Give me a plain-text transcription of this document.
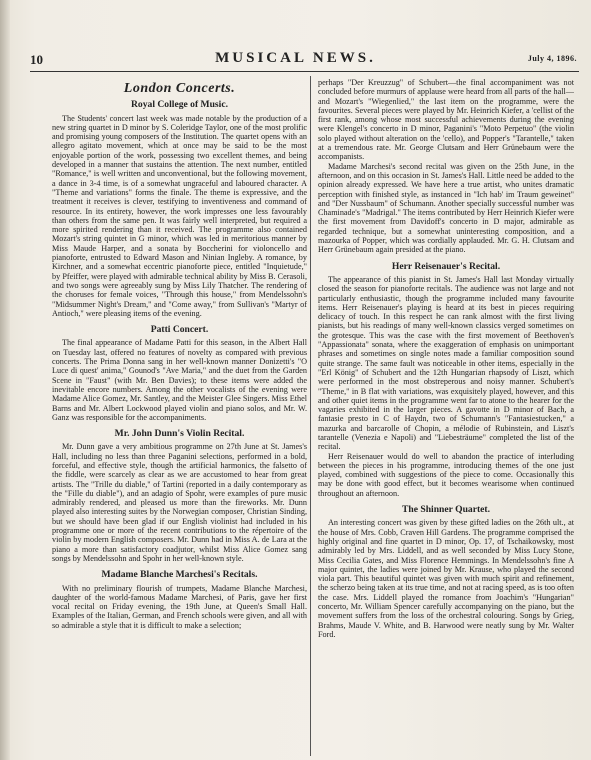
10	MUSICAL NEWS.	July 4, 1896.
London Concerts.
Royal College of Music.

The Students' concert last week was made notable by the production of a new string quartet in D minor by S. Coleridge Taylor, one of the most prolific and promising young composers of the Institution. The quartet opens with an allegro agitato movement, which at once may be said to be the most enjoyable portion of the work, possessing two excellent themes, and being developed in a manner that sustains the attention. The next number, entitled "Romance," is well written and unconventional, but the following movement, a dance in 3-4 time, is of a somewhat ungraceful and laboured character. A "Theme and variations" forms the finale. The theme is expressive, and the treatment it receives is clever, testifying to inventiveness and command of resource. In its entirety, however, the work impresses one less favourably than others from the same pen. It was fairly well interpreted, but required a more spirited rendering than it received. The programme also contained Mozart's string quintet in G minor, which was led in meritorious manner by Miss Maude Harper, and a sonata by Boccherini for violoncello and pianoforte, entrusted to Edward Mason and Ninian Ingleby. A romance, by Kirchner, and a somewhat eccentric pianoforte piece, entitled "Inquietude," by Pfeiffer, were played with admirable technical ability by Miss B. Cerasoli, and two songs were agreeably sung by Miss Lily Thatcher. The rendering of the choruses for female voices, "Through this house," from Mendelssohn's "Midsummer Night's Dream," and "Come away," from Sullivan's "Martyr of Antioch," were pleasing items of the evening.

Patti Concert.

The final appearance of Madame Patti for this season, in the Albert Hall on Tuesday last, offered no features of novelty as compared with previous concerts. The Prima Donna sang in her well-known manner Donizetti's "O Luce di quest' anima," Gounod's "Ave Maria," and the duet from the Garden Scene in "Faust" (with Mr. Ben Davies); to these items were added the inevitable encore numbers. Among the other vocalists of the evening were Madame Alice Gomez, Mr. Santley, and the Meister Glee Singers. Miss Ethel Barns and Mr. Albert Lockwood played violin and piano solos, and Mr. W. Ganz was responsible for the accompaniments.

Mr. John Dunn's Violin Recital.

Mr. Dunn gave a very ambitious programme on 27th June at St. James's Hall, including no less than three Paganini selections, performed in a bold, forceful, and effective style, though the artificial harmonics, the falsetto of the fiddle, were scarcely as clear as we are accustomed to hear from great artists. The "Trille du diable," of Tartini (reported in a daily contemporary as the "Fille du diable"), and an adagio of Spohr, were examples of pure music admirably rendered, and pleased us more than the fireworks. Mr. Dunn played also interesting suites by the Norwegian composer, Christian Sinding, but we should have been glad if our English violinist had included in his programme one or more of the recent contributions to the répertoire of the violin by modern English composers. Mr. Dunn had in Miss A. de Lara at the piano a more than satisfactory coadjutor, whilst Miss Alice Gomez sang songs by Mendelssohn and Spohr in her well-known style.

Madame Blanche Marchesi's Recitals.

With no preliminary flourish of trumpets, Madame Blanche Marchesi, daughter of the world-famous Madame Marchesi, of Paris, gave her first vocal recital on Friday evening, the 19th June, at Queen's Small Hall. Examples of the Italian, German, and French schools were given, and all with so admirable a style that it is difficult to make a selection;

perhaps "Der Kreuzzug" of Schubert—the final accompaniment was not concluded before murmurs of applause were heard from all parts of the hall—and Mozart's "Wiegenlied," the last item on the programme, were the favourites. Several pieces were played by Mr. Heinrich Kiefer, a 'cellist of the first rank, among whose most successful achievements during the evening were Klengel's concerto in D minor, Paganini's "Moto Perpetuo" (the violin solo played without alteration on the 'cello), and Popper's "Tarantelle," taken at a tremendous rate. Mr. George Clutsam and Herr Grünebaum were the accompanists.

Madame Marchesi's second recital was given on the 25th June, in the afternoon, and on this occasion in St. James's Hall. Little need be added to the opinion already expressed. We have here a true artist, who unites dramatic perception with finished style, as instanced in "Ich hab' im Traum geweinet" and "Der Nussbaum" of Schumann. Another specially successful number was Chaminade's "Madrigal." The items contributed by Herr Heinrich Kiefer were the first movement from Davidoff's concerto in D major, admirable as regarded technique, but a somewhat uninteresting composition, and a mazourka of Popper, which was cordially applauded. Mr. G. H. Clutsam and Herr Grünebaum again presided at the piano.

Herr Reisenauer's Recital.

The appearance of this pianist in St. James's Hall last Monday virtually closed the season for pianoforte recitals. The audience was not large and not particularly enthusiastic, though the programme included many favourite items. Herr Reisenauer's playing is heard at its best in pieces requiring delicacy of touch. In this respect he can rank almost with the first living pianists, but his readings of many well-known classics verged sometimes on the grotesque. This was the case with the first movement of Beethoven's "Appassionata" sonata, where the exaggeration of emphasis on unimportant phrases and sometimes on single notes made a familiar composition sound quite strange. The same fault was noticeable in other items, especially in the "Erl König" of Schubert and the 12th Hungarian rhapsody of Liszt, which were performed in the most obstreperous and noisy manner. Schubert's "Theme," in B flat with variations, was exquisitely played, however, and this and other quiet items in the programme went far to atone to the hearer for the vagaries exhibited in the larger pieces. A gavotte in D minor of Bach, a fantasie presto in C of Haydn, two of Schumann's "Fantasiestucken," a mazurka and barcarolle of Chopin, a mélodie of Rubinstein, and Liszt's tarantelle (Venezia e Napoli) and "Liebesträume" completed the list of the recital.

Herr Reisenauer would do well to abandon the practice of interluding between the pieces in his programme, introducing themes of the one just played, combined with suggestions of the piece to come. Occasionally this may be done with good effect, but it becomes wearisome when continued throughout an afternoon.

The Shinner Quartet.

An interesting concert was given by these gifted ladies on the 26th ult., at the house of Mrs. Cobb, Craven Hill Gardens. The programme comprised the highly original and fine quartet in D minor, Op. 17, of Tschaikowsky, most admirably led by Mrs. Liddell, and as well seconded by Miss Lucy Stone, Miss Cecilia Gates, and Miss Florence Hemmings. In Mendelssohn's fine A major quintet, the ladies were joined by Mr. Krause, who played the second viola part. This beautiful quintet was given with much spirit and refinement, the scherzo being taken at its true time, and not at racing speed, as is too often the case. Mrs. Liddell played the romance from Joachim's "Hungarian" concerto, Mr. William Spencer carefully accompanying on the piano, but the movement suffers from the loss of the orchestral colouring. Songs by Grieg, Brahms, Maude V. White, and B. Harwood were neatly sung by Mr. Walter Ford.
